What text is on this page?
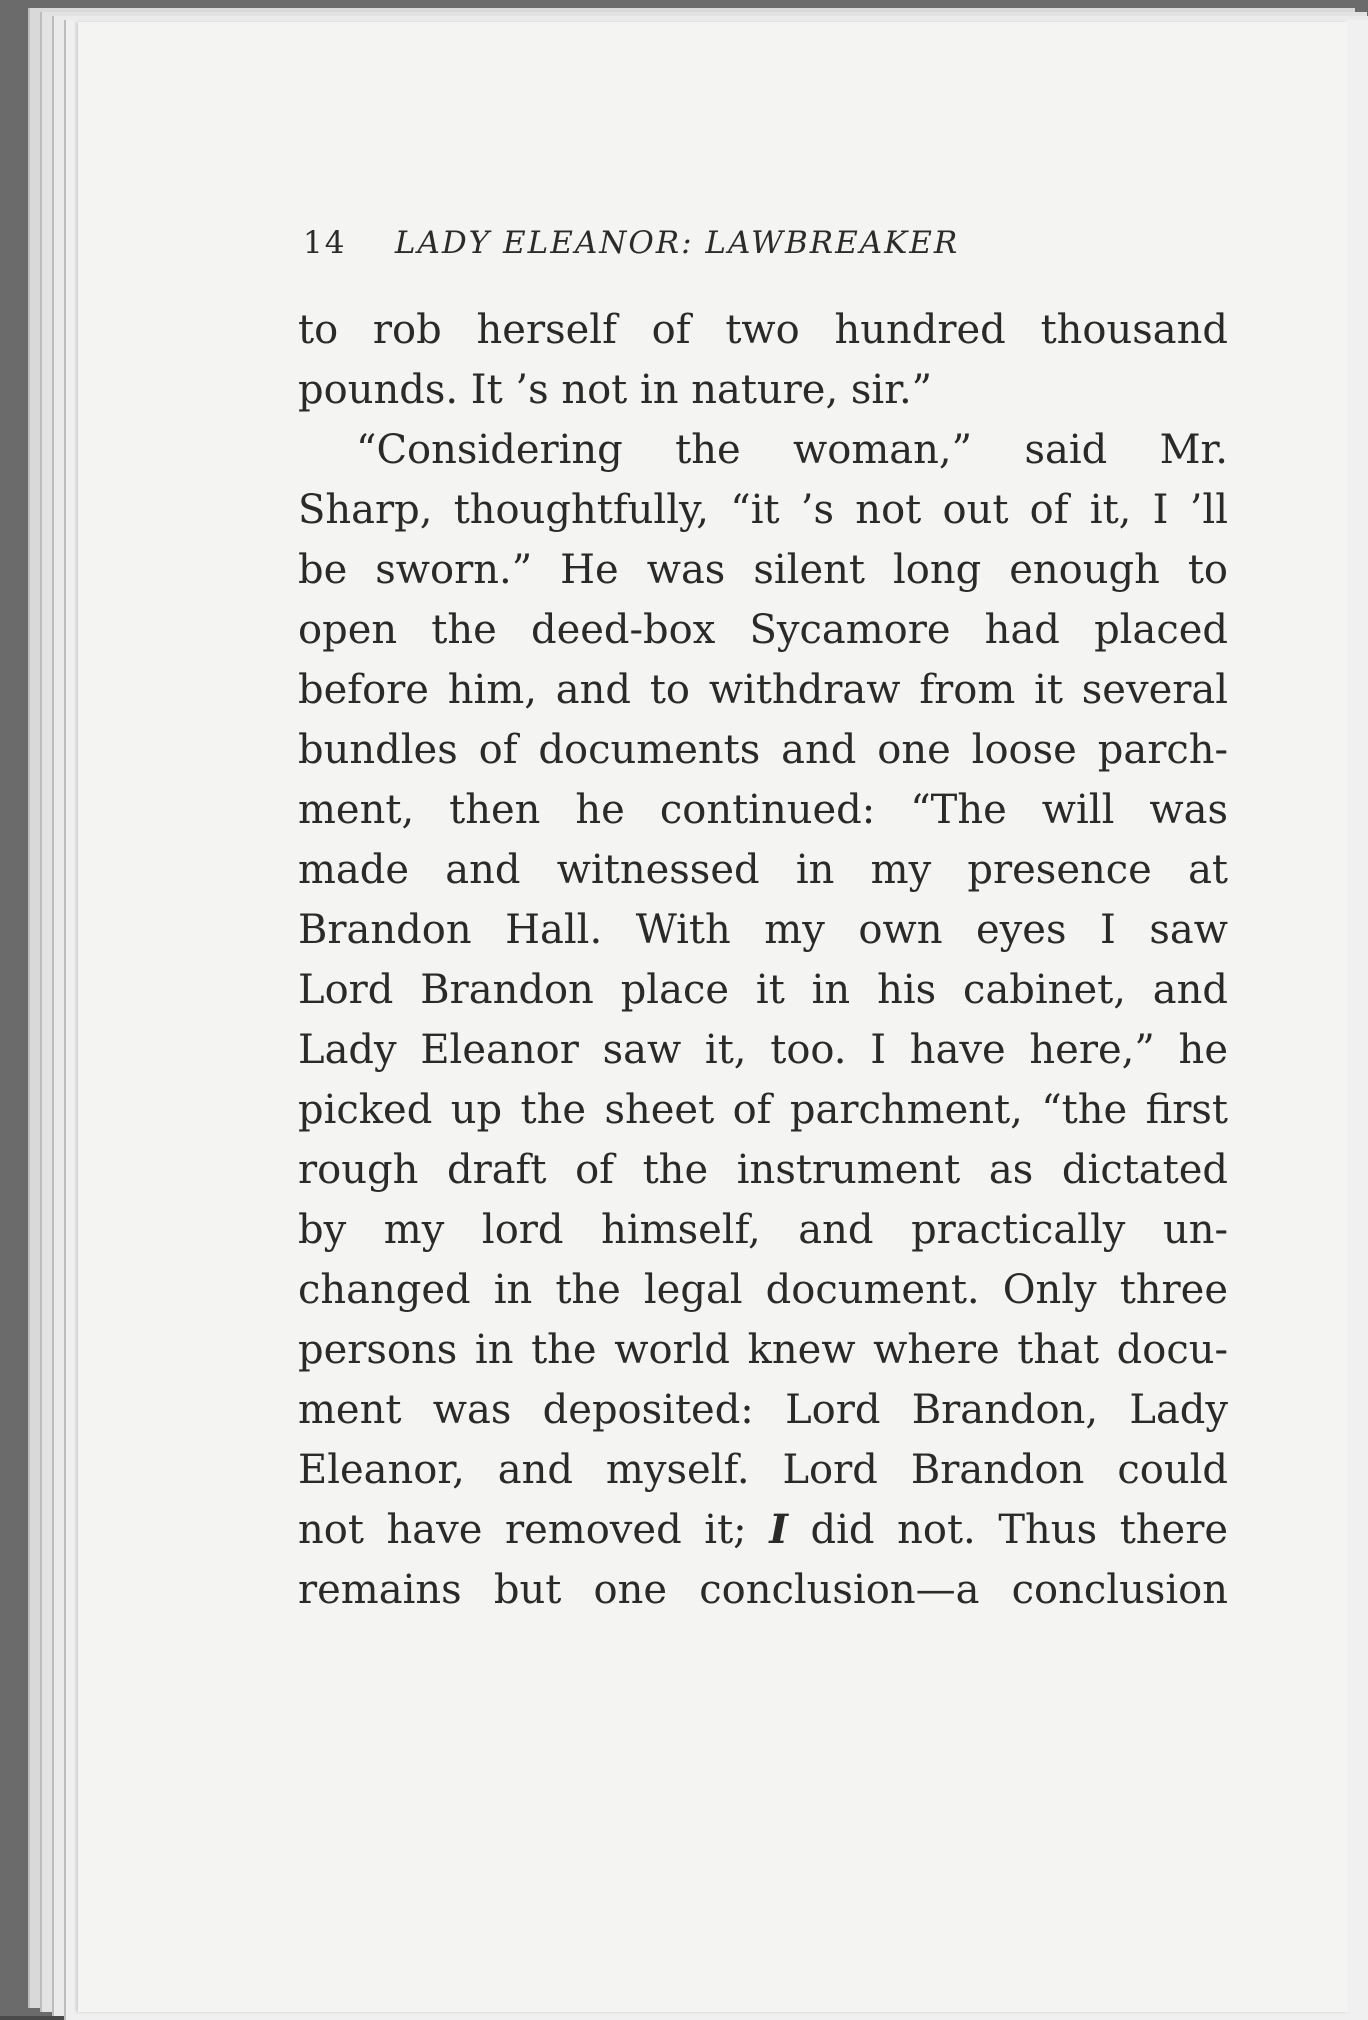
14 LADY ELEANOR: LAWBREAKER
to rob herself of two hundred thousand
pounds. It ’s not in nature, sir.”
“Considering the woman,” said Mr.
Sharp, thoughtfully, “it ’s not out of it, I ’ll
be sworn.” He was silent long enough to
open the deed-box Sycamore had placed
before him, and to withdraw from it several
bundles of documents and one loose parch-
ment, then he continued: “The will was
made and witnessed in my presence at
Brandon Hall. With my own eyes I saw
Lord Brandon place it in his cabinet, and
Lady Eleanor saw it, too. I have here,” he
picked up the sheet of parchment, “the first
rough draft of the instrument as dictated
by my lord himself, and practically un-
changed in the legal document. Only three
persons in the world knew where that docu-
ment was deposited: Lord Brandon, Lady
Eleanor, and myself. Lord Brandon could
not have removed it; I did not. Thus there
remains but one conclusion—a conclusion
